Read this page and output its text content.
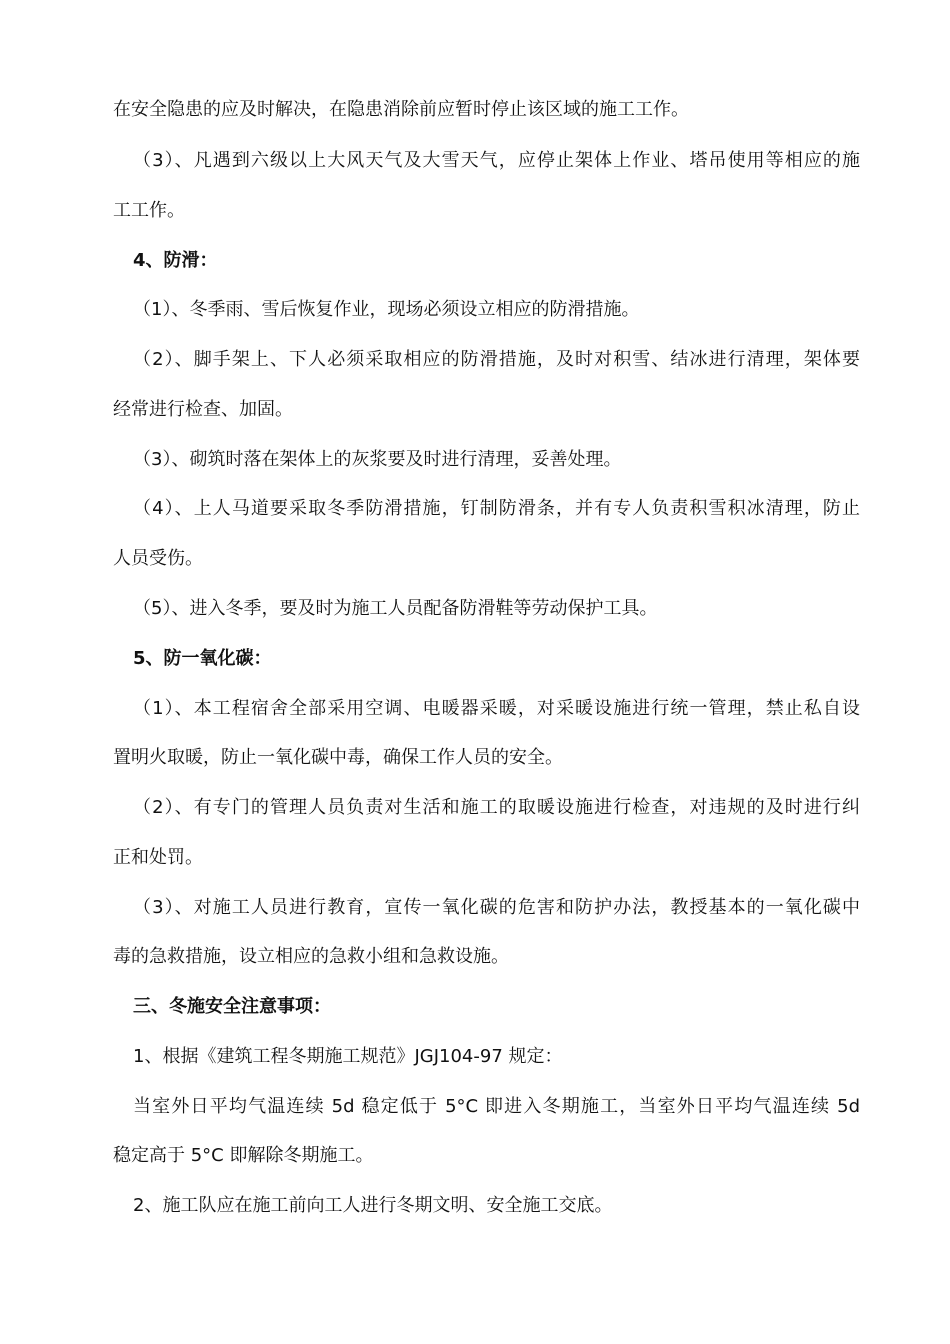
在安全隐患的应及时解决，在隐患消除前应暂时停止该区域的施工工作。
（3）、凡遇到六级以上大风天气及大雪天气，应停止架体上作业、塔吊使用等相应的施
工工作。
4、防滑：
（1）、冬季雨、雪后恢复作业，现场必须设立相应的防滑措施。
（2）、脚手架上、下人必须采取相应的防滑措施，及时对积雪、结冰进行清理，架体要
经常进行检查、加固。
（3）、砌筑时落在架体上的灰浆要及时进行清理，妥善处理。
（4）、上人马道要采取冬季防滑措施，钉制防滑条，并有专人负责积雪积冰清理，防止
人员受伤。
（5）、进入冬季，要及时为施工人员配备防滑鞋等劳动保护工具。
5、防一氧化碳：
（1）、本工程宿舍全部采用空调、电暖器采暖，对采暖设施进行统一管理，禁止私自设
置明火取暖，防止一氧化碳中毒，确保工作人员的安全。
（2）、有专门的管理人员负责对生活和施工的取暖设施进行检查，对违规的及时进行纠
正和处罚。
（3）、对施工人员进行教育，宣传一氧化碳的危害和防护办法，教授基本的一氧化碳中
毒的急救措施，设立相应的急救小组和急救设施。
三、冬施安全注意事项：
1、根据《建筑工程冬期施工规范》JGJ104-97 规定：
当室外日平均气温连续 5d 稳定低于 5°C 即进入冬期施工，当室外日平均气温连续 5d
稳定高于 5°C 即解除冬期施工。
2、施工队应在施工前向工人进行冬期文明、安全施工交底。
